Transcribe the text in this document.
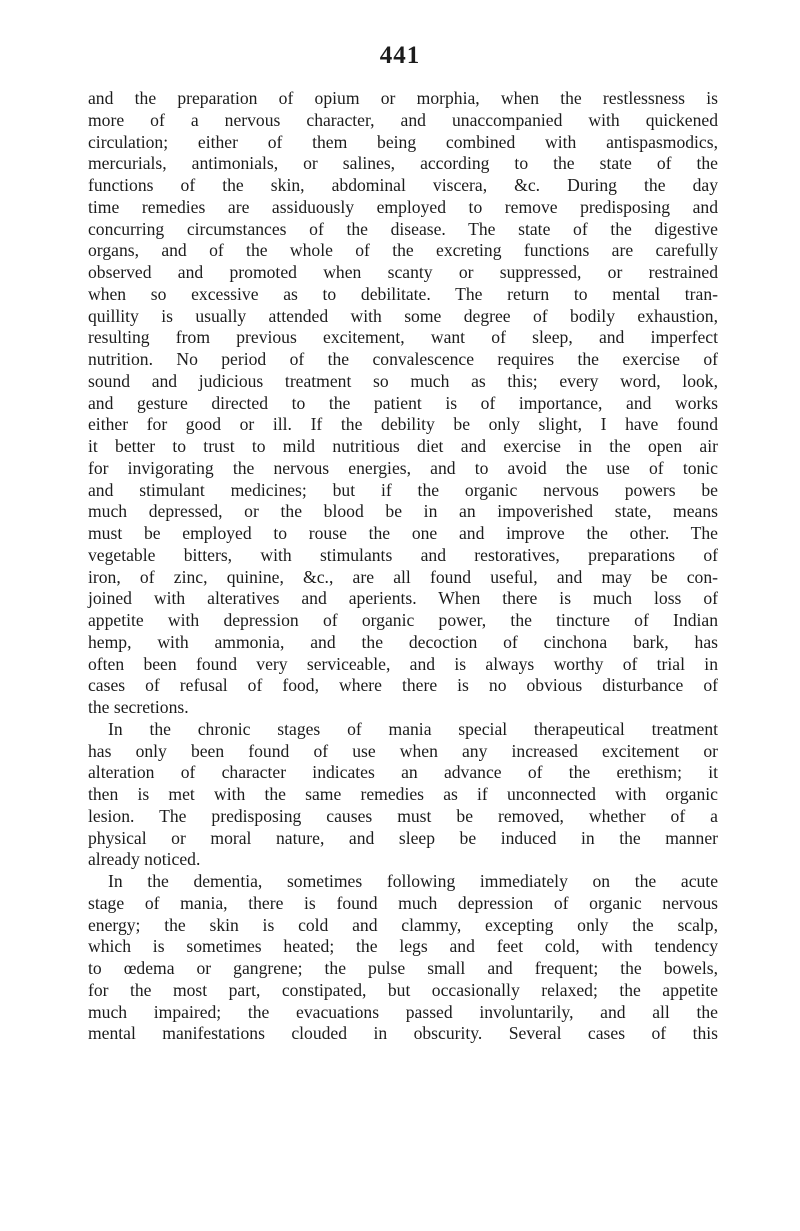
441
and the preparation of opium or morphia, when the restlessness is
more of a nervous character, and unaccompanied with quickened
circulation; either of them being combined with antispasmodics,
mercurials, antimonials, or salines, according to the state of the
functions of the skin, abdominal viscera, &c. During the day
time remedies are assiduously employed to remove predisposing and
concurring circumstances of the disease. The state of the digestive
organs, and of the whole of the excreting functions are carefully
observed and promoted when scanty or suppressed, or restrained
when so excessive as to debilitate. The return to mental tran-
quillity is usually attended with some degree of bodily exhaustion,
resulting from previous excitement, want of sleep, and imperfect
nutrition. No period of the convalescence requires the exercise of
sound and judicious treatment so much as this; every word, look,
and gesture directed to the patient is of importance, and works
either for good or ill. If the debility be only slight, I have found
it better to trust to mild nutritious diet and exercise in the open air
for invigorating the nervous energies, and to avoid the use of tonic
and stimulant medicines; but if the organic nervous powers be
much depressed, or the blood be in an impoverished state, means
must be employed to rouse the one and improve the other. The
vegetable bitters, with stimulants and restoratives, preparations of
iron, of zinc, quinine, &c., are all found useful, and may be con-
joined with alteratives and aperients. When there is much loss of
appetite with depression of organic power, the tincture of Indian
hemp, with ammonia, and the decoction of cinchona bark, has
often been found very serviceable, and is always worthy of trial in
cases of refusal of food, where there is no obvious disturbance of
the secretions.
In the chronic stages of mania special therapeutical treatment
has only been found of use when any increased excitement or
alteration of character indicates an advance of the erethism; it
then is met with the same remedies as if unconnected with organic
lesion. The predisposing causes must be removed, whether of a
physical or moral nature, and sleep be induced in the manner
already noticed.
In the dementia, sometimes following immediately on the acute
stage of mania, there is found much depression of organic nervous
energy; the skin is cold and clammy, excepting only the scalp,
which is sometimes heated; the legs and feet cold, with tendency
to œdema or gangrene; the pulse small and frequent; the bowels,
for the most part, constipated, but occasionally relaxed; the appetite
much impaired; the evacuations passed involuntarily, and all the
mental manifestations clouded in obscurity. Several cases of this
